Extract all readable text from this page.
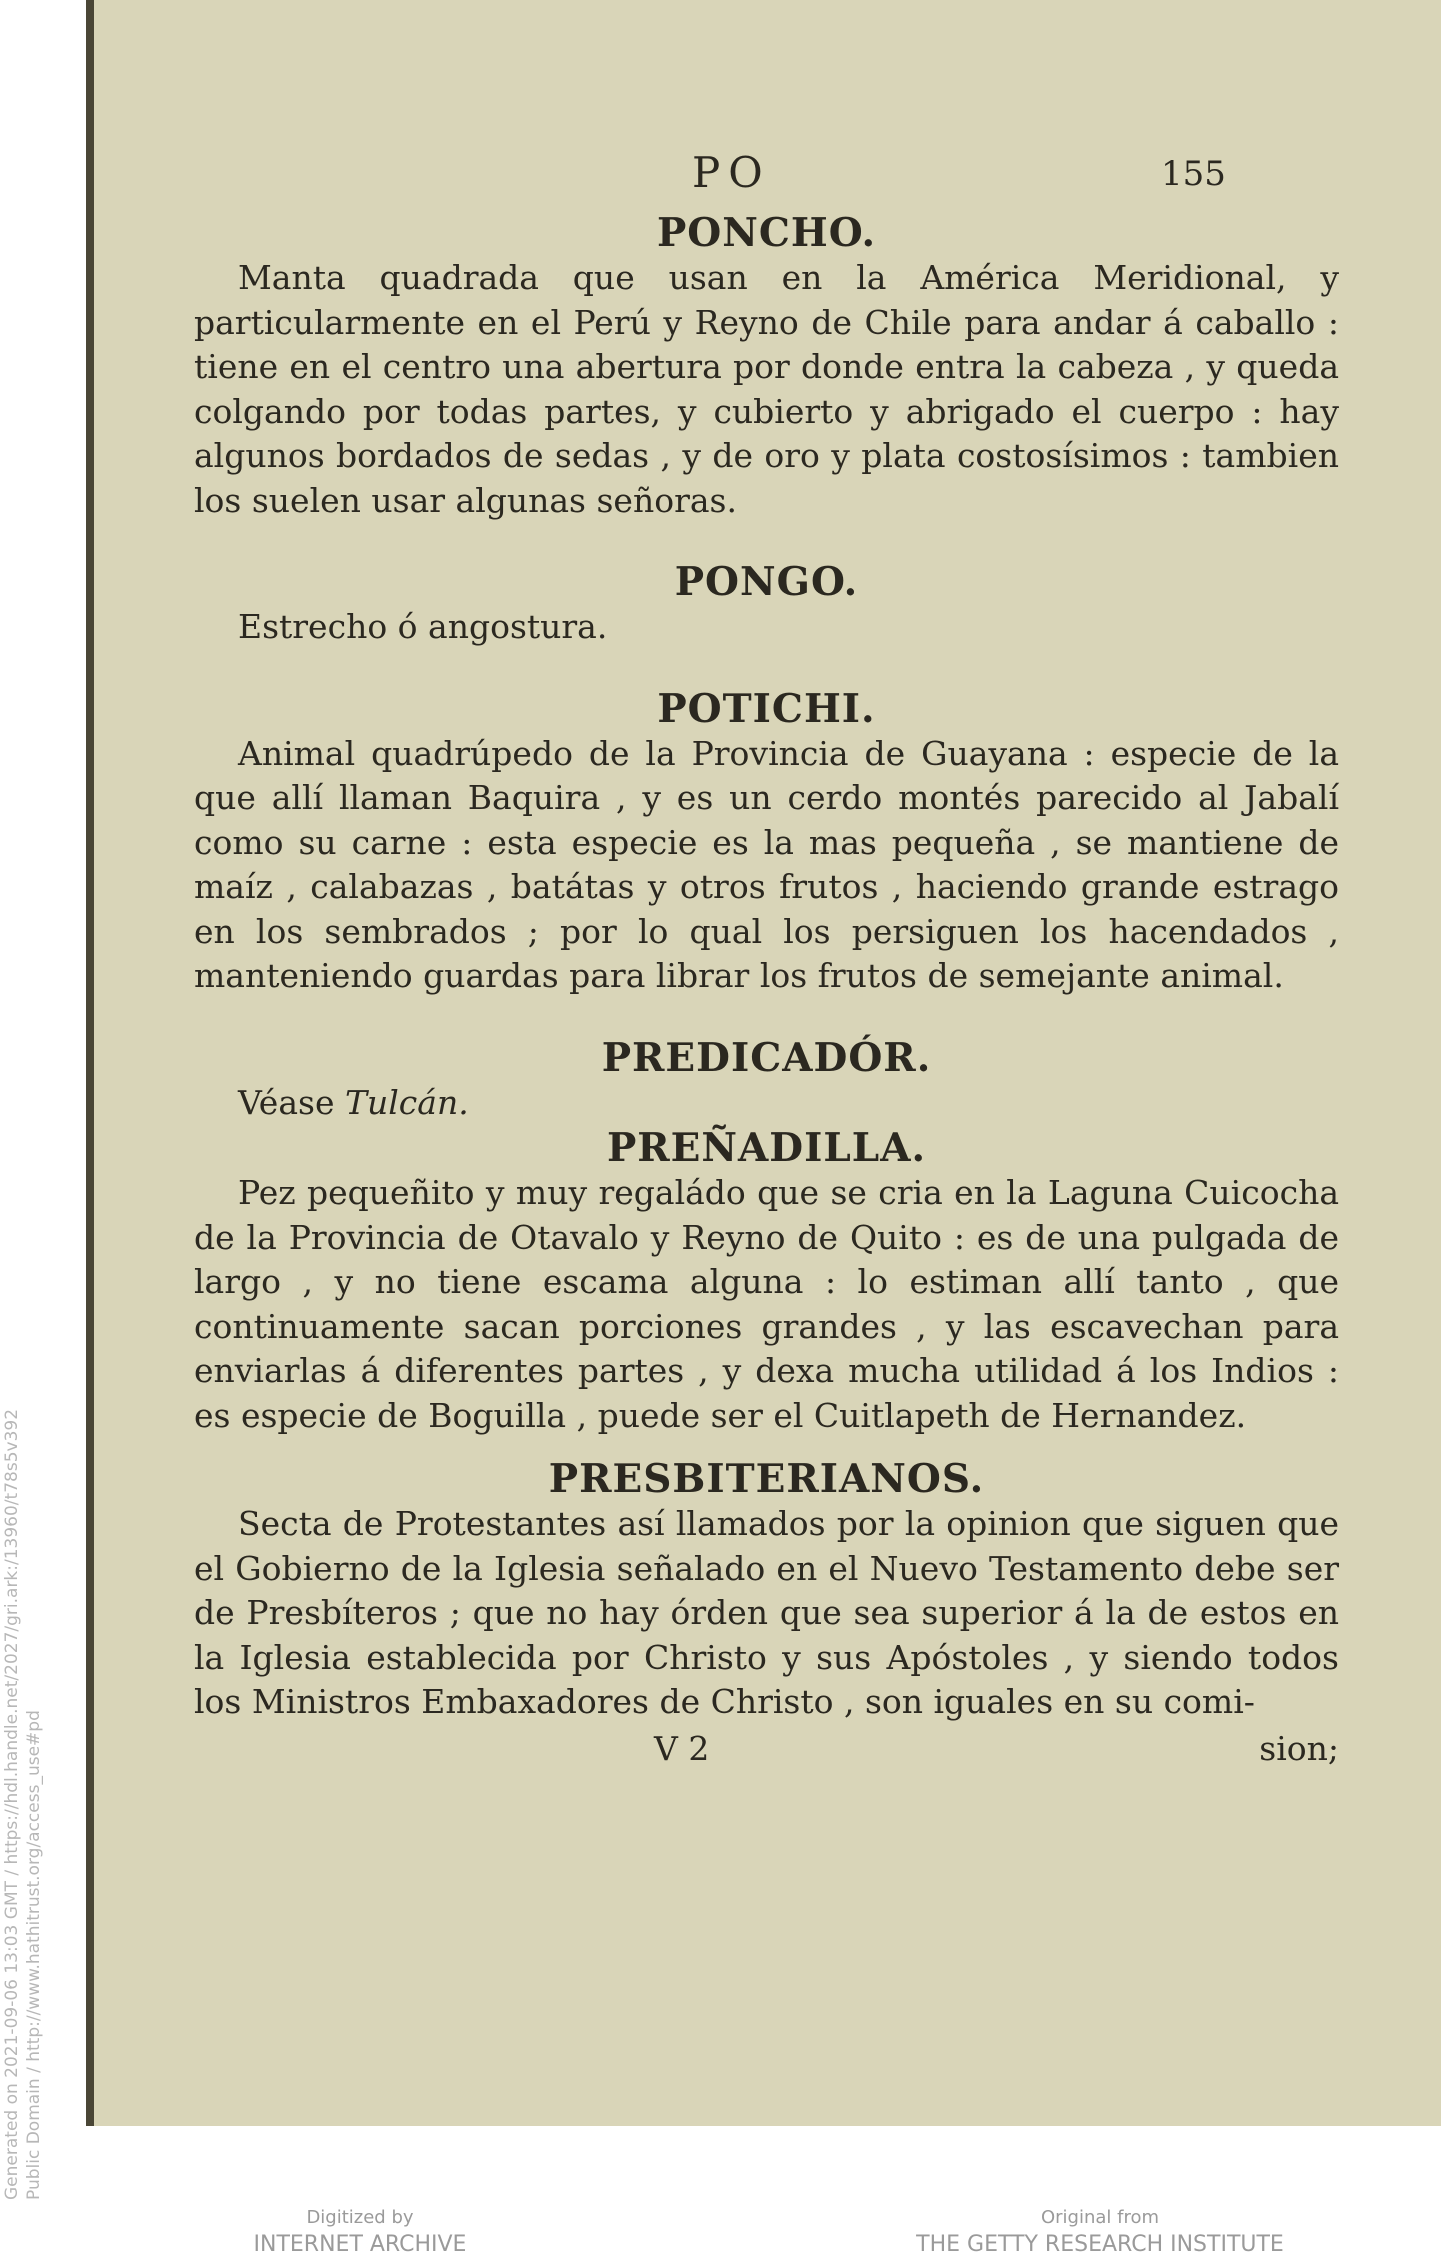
Generated on 2021-09-06 13:03 GMT / https://hdl.handle.net/2027/gri.ark:/13960/t78s5v392 Public Domain / http://www.hathitrust.org/access_use#pd
PO	155
PONCHO.

Manta quadrada que usan en la América Meridional, y particularmente en el Perú y Reyno de Chile para andar á caballo : tiene en el centro una abertura por donde entra la cabeza , y queda colgando por todas partes, y cubierto y abrigado el cuerpo : hay algunos bordados de sedas , y de oro y plata costosísimos : tambien los suelen usar algunas señoras.

PONGO.

Estrecho ó angostura.

POTICHI.

Animal quadrúpedo de la Provincia de Guayana : especie de la que allí llaman Baquira , y es un cerdo montés parecido al Jabalí como su carne : esta especie es la mas pequeña , se mantiene de maíz , calabazas , batátas y otros frutos , haciendo grande estrago en los sembrados ; por lo qual los persiguen los hacendados , manteniendo guardas para librar los frutos de semejante animal.

PREDICADÓR.

Véase Tulcán.

PREÑADILLA.

Pez pequeñito y muy regaládo que se cria en la Laguna Cuicocha de la Provincia de Otavalo y Reyno de Quito : es de una pulgada de largo , y no tiene escama alguna : lo estiman allí tanto , que continuamente sacan porciones grandes , y las escavechan para enviarlas á diferentes partes , y dexa mucha utilidad á los Indios : es especie de Boguilla , puede ser el Cuitlapeth de Hernandez.

PRESBITERIANOS.

Secta de Protestantes así llamados por la opinion que siguen que el Gobierno de la Iglesia señalado en el Nuevo Testamento debe ser de Presbíteros ; que no hay órden que sea superior á la de estos en la Iglesia establecida por Christo y sus Apóstoles , y siendo todos los Ministros Embaxadores de Christo , son iguales en su comi-

V 2	sion;
Digitized by
INTERNET ARCHIVE
Original from
THE GETTY RESEARCH INSTITUTE
